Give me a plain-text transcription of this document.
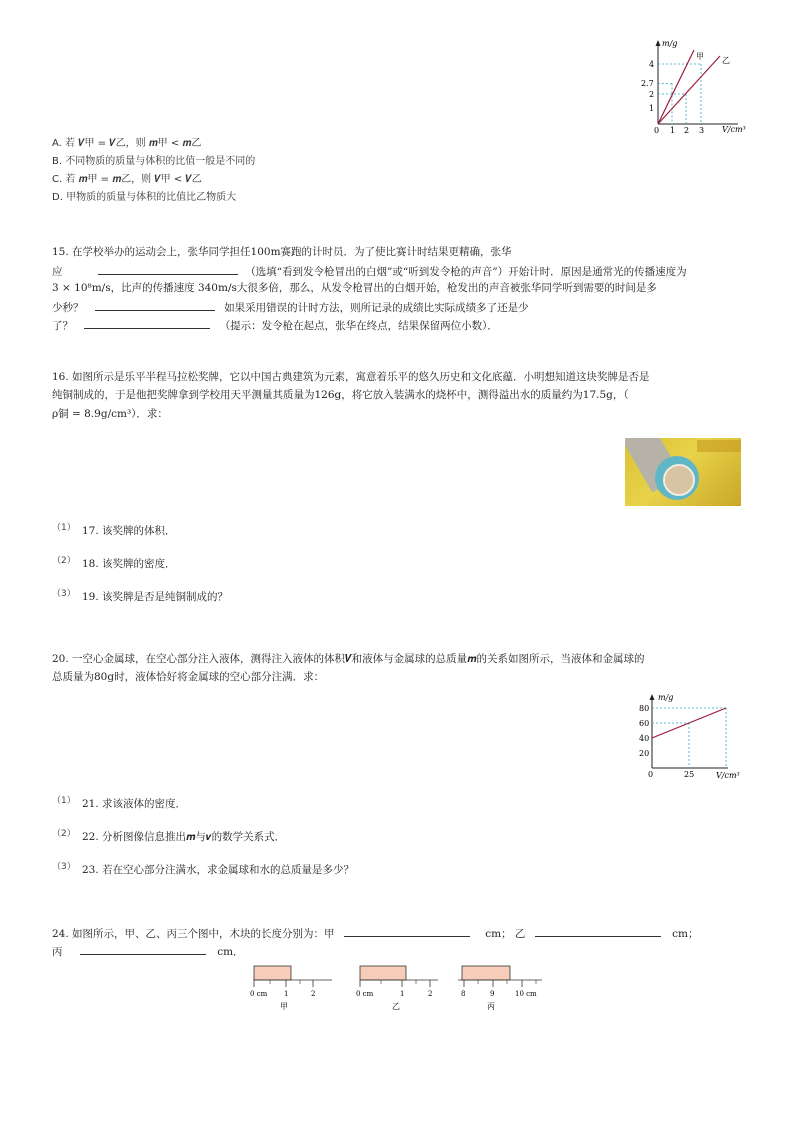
A. 若 𝑽甲 = 𝑽乙，则 𝒎甲 < 𝒎乙
B. 不同物质的质量与体积的比值一般是不同的
C. 若 𝒎甲 = 𝒎乙，则 𝑽甲 < 𝑽乙
D. 甲物质的质量与体积的比值比乙物质大
m/g
V/cm³
4
2.7
2
1
0 1 2 3
甲 乙
15. 在学校举办的运动会上，张华同学担任100m赛跑的计时员．为了使比赛计时结果更精确，张华
应	（选填“看到发令枪冒出的白烟”或“听到发令枪的声音”）开始计时．原因是通常光的传播速度为
3 × 10⁸m/s，比声的传播速度 340m/s大很多倍，那么，从发令枪冒出的白烟开始，枪发出的声音被张华同学听到需要的时间是多
少秒？	如果采用错误的计时方法，则所记录的成绩比实际成绩多了还是少
了？	（提示：发令枪在起点，张华在终点，结果保留两位小数）．
16. 如图所示是乐平半程马拉松奖牌，它以中国古典建筑为元素，寓意着乐平的悠久历史和文化底蕴．小明想知道这块奖牌是否是
纯铜制成的，于是他把奖牌拿到学校用天平测量其质量为126g，将它放入装满水的烧杯中，测得溢出水的质量约为17.5g，（
ρ铜 = 8.9g/cm³）．求：
（1） 17. 该奖牌的体积．
（2） 18. 该奖牌的密度．
（3） 19. 该奖牌是否是纯铜制成的？
20. 一空心金属球，在空心部分注入液体，测得注入液体的体积𝑽和液体与金属球的总质量𝒎的关系如图所示，当液体和金属球的
总质量为80g时，液体恰好将金属球的空心部分注满．求：
m/g
V/cm³
80
60
40
20
0	25
（1） 21. 求该液体的密度．
（2） 22. 分析图像信息推出𝒎与𝒗的数学关系式．
（3） 23. 若在空心部分注满水，求金属球和水的总质量是多少？
24. 如图所示，甲、乙、丙三个图中，木块的长度分别为：甲	cm； 乙	cm；
丙	cm．
0 cm 1	2
甲
0 cm	1	2
乙
8	9	10 cm
丙
